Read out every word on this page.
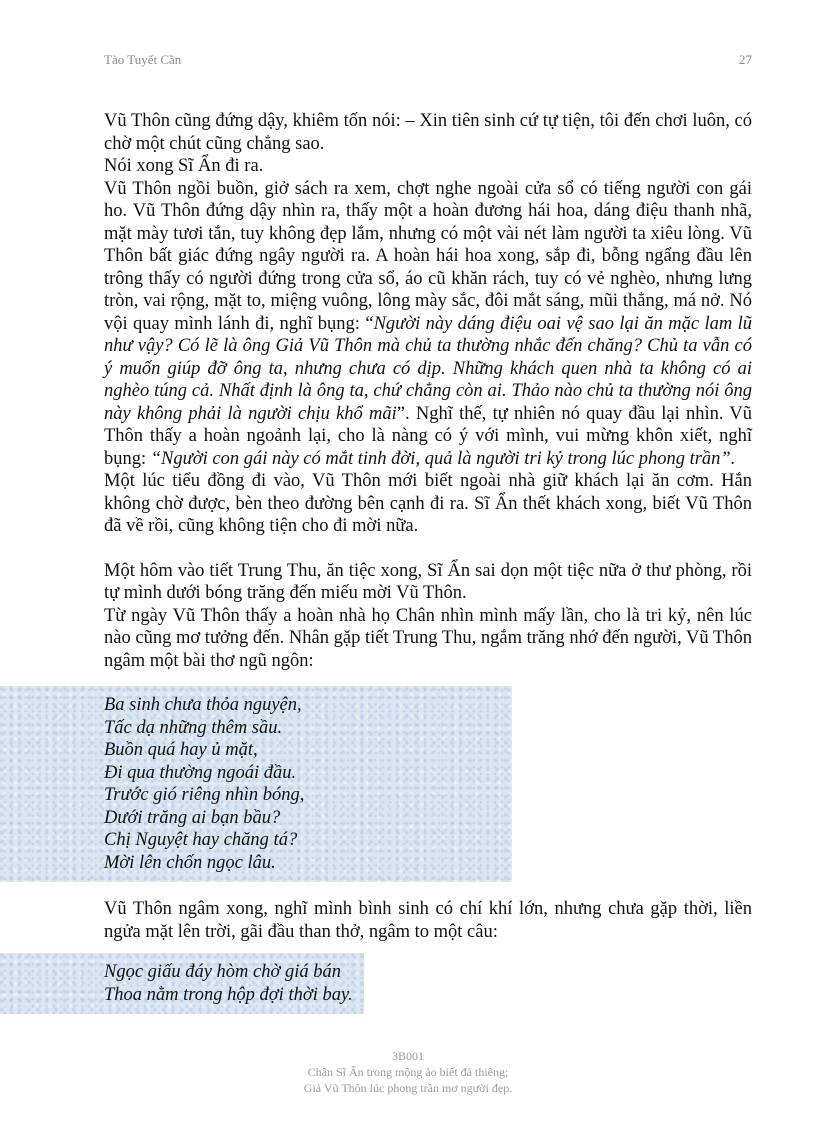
Tào Tuyết Cần	27

Vũ Thôn cũng đứng dậy, khiêm tốn nói: – Xin tiên sinh cứ tự tiện, tôi đến chơi luôn, có chờ một chút cũng chẳng sao.

Nói xong Sĩ Ẩn đi ra.

Vũ Thôn ngồi buồn, giở sách ra xem, chợt nghe ngoài cửa sổ có tiếng người con gái ho. Vũ Thôn đứng dậy nhìn ra, thấy một a hoàn đương hái hoa, dáng điệu thanh nhã, mặt mày tươi tắn, tuy không đẹp lắm, nhưng có một vài nét làm người ta xiêu lòng. Vũ Thôn bất giác đứng ngây người ra. A hoàn hái hoa xong, sắp đi, bỗng ngẩng đầu lên trông thấy có người đứng trong cửa sổ, áo cũ khăn rách, tuy có vẻ nghèo, nhưng lưng tròn, vai rộng, mặt to, miệng vuông, lông mày sắc, đôi mắt sáng, mũi thẳng, má nở. Nó vội quay mình lánh đi, nghĩ bụng: “Người này dáng điệu oai vệ sao lại ăn mặc lam lũ như vậy? Có lẽ là ông Giả Vũ Thôn mà chủ ta thường nhắc đến chăng? Chủ ta vẫn có ý muốn giúp đỡ ông ta, nhưng chưa có dịp. Những khách quen nhà ta không có ai nghèo túng cả. Nhất định là ông ta, chứ chẳng còn ai. Thảo nào chủ ta thường nói ông này không phải là người chịu khổ mãi”. Nghĩ thế, tự nhiên nó quay đầu lại nhìn. Vũ Thôn thấy a hoàn ngoảnh lại, cho là nàng có ý với mình, vui mừng khôn xiết, nghĩ bụng: “Người con gái này có mắt tinh đời, quả là người tri kỷ trong lúc phong trần”.

Một lúc tiểu đồng đi vào, Vũ Thôn mới biết ngoài nhà giữ khách lại ăn cơm. Hắn không chờ được, bèn theo đường bên cạnh đi ra. Sĩ Ẩn thết khách xong, biết Vũ Thôn đã về rồi, cũng không tiện cho đi mời nữa.

Một hôm vào tiết Trung Thu, ăn tiệc xong, Sĩ Ẩn sai dọn một tiệc nữa ở thư phòng, rồi tự mình dưới bóng trăng đến miếu mời Vũ Thôn.

Từ ngày Vũ Thôn thấy a hoàn nhà họ Chân nhìn mình mấy lần, cho là tri kỷ, nên lúc nào cũng mơ tưởng đến. Nhân gặp tiết Trung Thu, ngắm trăng nhớ đến người, Vũ Thôn ngâm một bài thơ ngũ ngôn:

Ba sinh chưa thỏa nguyện,
Tấc dạ những thêm sầu.
Buồn quá hay ủ mặt,
Đi qua thường ngoái đầu.
Trước gió riêng nhìn bóng,
Dưới trăng ai bạn bầu?
Chị Nguyệt hay chăng tá?
Mời lên chốn ngọc lâu.

Vũ Thôn ngâm xong, nghĩ mình bình sinh có chí khí lớn, nhưng chưa gặp thời, liền ngửa mặt lên trời, gãi đầu than thở, ngâm to một câu:

Ngọc giấu đáy hòm chờ giá bán
Thoa nằm trong hộp đợi thời bay.
3B001
Chân Sĩ Ẩn trong mộng ảo biết đá thiêng;
Giả Vũ Thôn lúc phong trần mơ người đẹp.
